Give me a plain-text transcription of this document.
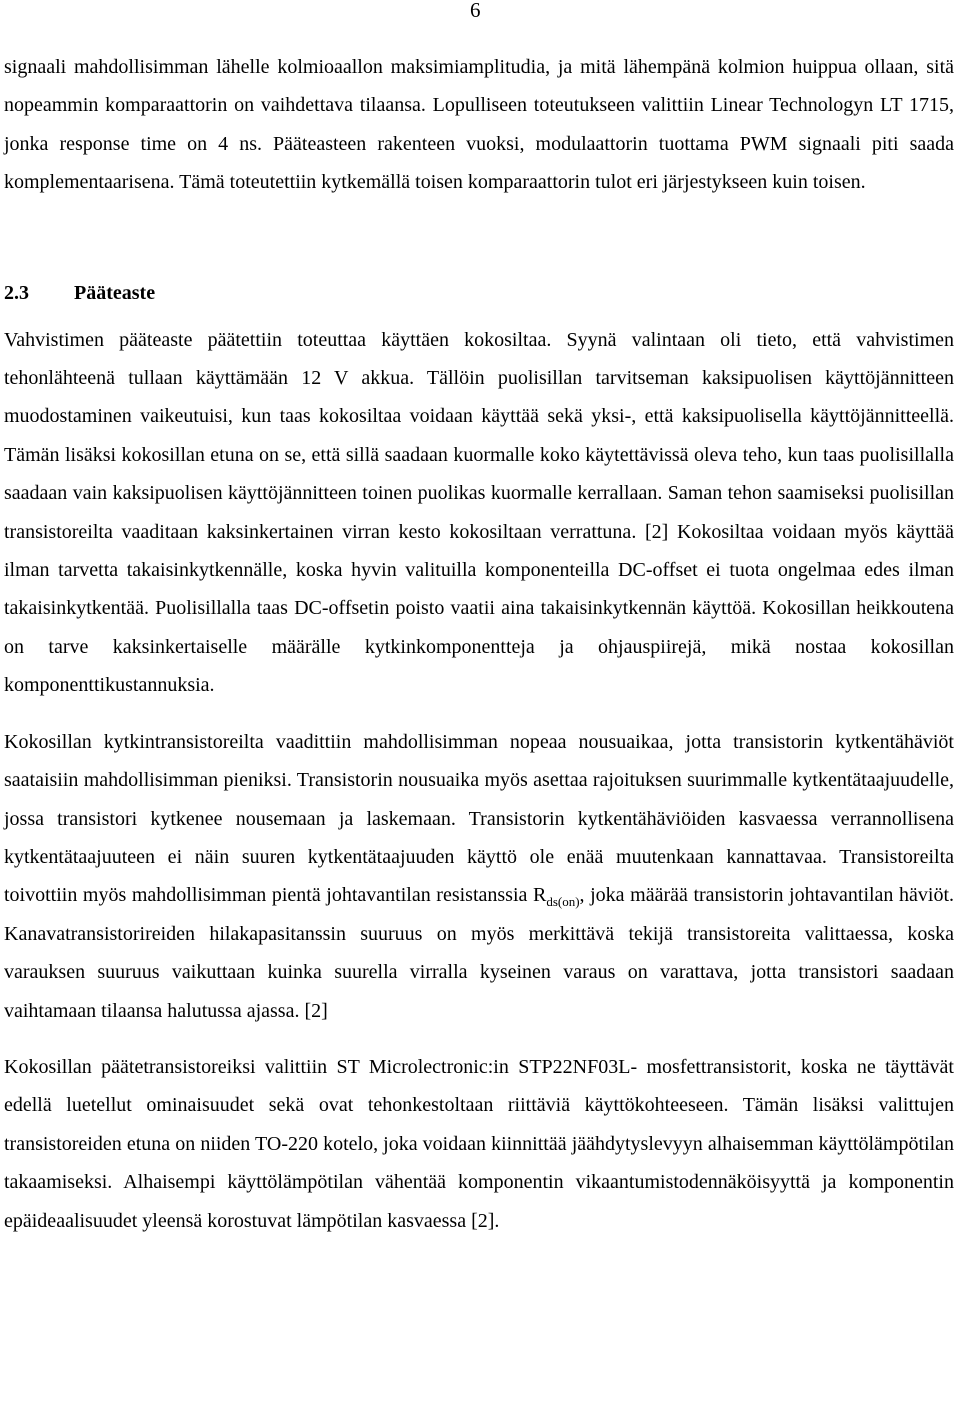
6

signaali mahdollisimman lähelle kolmioaallon maksimiamplitudia, ja mitä lähempänä kolmion huippua ollaan, sitä nopeammin komparaattorin on vaihdettava tilaansa. Lopulliseen toteutukseen valittiin Linear Technologyn LT 1715, jonka response time on 4 ns. Pääteasteen rakenteen vuoksi, modulaattorin tuottama PWM signaali piti saada komplementaarisena. Tämä toteutettiin kytkemällä toisen komparaattorin tulot eri järjestykseen kuin toisen.

2.3 Pääteaste

Vahvistimen pääteaste päätettiin toteuttaa käyttäen kokosiltaa. Syynä valintaan oli tieto, että vahvistimen tehonlähteenä tullaan käyttämään 12 V akkua. Tällöin puolisillan tarvitseman kaksipuolisen käyttöjännitteen muodostaminen vaikeutuisi, kun taas kokosiltaa voidaan käyttää sekä yksi-, että kaksipuolisella käyttöjännitteellä. Tämän lisäksi kokosillan etuna on se, että sillä saadaan kuormalle koko käytettävissä oleva teho, kun taas puolisillalla saadaan vain kaksipuolisen käyttöjännitteen toinen puolikas kuormalle kerrallaan. Saman tehon saamiseksi puolisillan transistoreilta vaaditaan kaksinkertainen virran kesto kokosiltaan verrattuna. [2] Kokosiltaa voidaan myös käyttää ilman tarvetta takaisinkytkennälle, koska hyvin valituilla komponenteilla DC-offset ei tuota ongelmaa edes ilman takaisinkytkentää. Puolisillalla taas DC-offsetin poisto vaatii aina takaisinkytkennän käyttöä. Kokosillan heikkoutena on tarve kaksinkertaiselle määrälle kytkinkomponentteja ja ohjauspiirejä, mikä nostaa kokosillan komponenttikustannuksia.

Kokosillan kytkintransistoreilta vaadittiin mahdollisimman nopeaa nousuaikaa, jotta transistorin kytkentähäviöt saataisiin mahdollisimman pieniksi. Transistorin nousuaika myös asettaa rajoituksen suurimmalle kytkentätaajuudelle, jossa transistori kytkenee nousemaan ja laskemaan. Transistorin kytkentähäviöiden kasvaessa verrannollisena kytkentätaajuuteen ei näin suuren kytkentätaajuuden käyttö ole enää muutenkaan kannattavaa. Transistoreilta toivottiin myös mahdollisimman pientä johtavantilan resistanssia $R_{ds(on)}$, joka määrää transistorin johtavantilan häviöt. Kanavatransistorireiden hilakapasitanssin suuruus on myös merkittävä tekijä transistoreita valittaessa, koska varauksen suuruus vaikuttaan kuinka suurella virralla kyseinen varaus on varattava, jotta transistori saadaan vaihtamaan tilaansa halutussa ajassa. [2]

Kokosillan päätetransistoreiksi valittiin ST Microlectronic:in STP22NF03L- mosfettransistorit, koska ne täyttävät edellä luetellut ominaisuudet sekä ovat tehonkestoltaan riittäviä käyttökohteeseen. Tämän lisäksi valittujen transistoreiden etuna on niiden TO-220 kotelo, joka voidaan kiinnittää jäähdytyslevyyn alhaisemman käyttölämpötilan takaamiseksi. Alhaisempi käyttölämpötilan vähentää komponentin vikaantumistodennäköisyyttä ja komponentin epäideaalisuudet yleensä korostuvat lämpötilan kasvaessa [2].
